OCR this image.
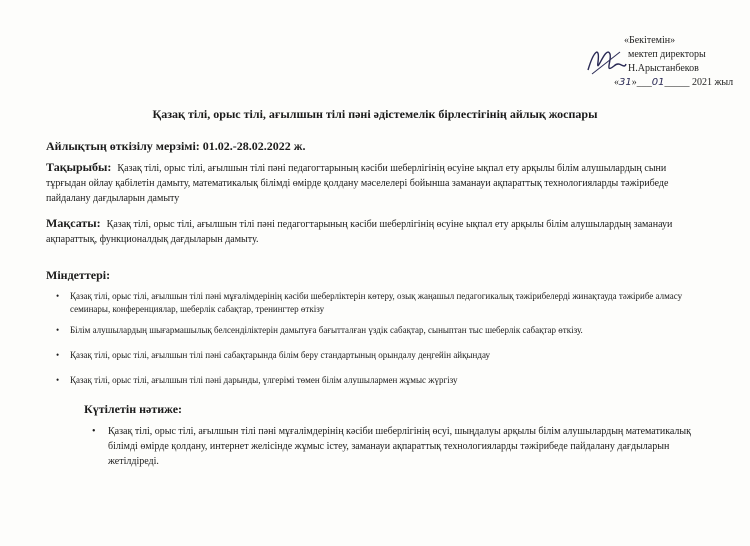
«Бекітемін»
мектеп директоры
Н.Арыстанбеков
«31»___01_____ 2021 жыл
Қазақ тілі, орыс тілі, ағылшын тілі пәні әдістемелік бірлестігінің айлық жоспары
Айлықтың өткізілу мерзімі: 01.02.-28.02.2022 ж.
Тақырыбы: Қазақ тілі, орыс тілі, ағылшын тілі пәні педагогтарының кәсіби шеберлігінің өсуіне ықпал ету арқылы білім алушылардың сыни тұрғыдан ойлау қабілетін дамыту, математикалық білімді өмірде қолдану мәселелері бойынша заманауи ақпараттық технологияларды тәжірибеде пайдалану дағдыларын дамыту
Мақсаты: Қазақ тілі, орыс тілі, ағылшын тілі пәні педагогтарының кәсіби шеберлігінің өсуіне ықпал ету арқылы білім алушылардың заманауи ақпараттық, функционалдық дағдыларын дамыту.
Міндеттері:
• Қазақ тілі, орыс тілі, ағылшын тілі пәні мұғалімдерінің кәсіби шеберліктерін көтеру, озық жаңашыл педагогикалық тәжірибелерді жинақтауда тәжірибе алмасу семинары, конференциялар, шеберлік сабақтар, тренингтер өткізу
• Білім алушылардың шығармашылық белсенділіктерін дамытуға бағытталған үздік сабақтар, сыныптан тыс шеберлік сабақтар өткізу.
• Қазақ тілі, орыс тілі, ағылшын тілі пәні сабақтарында білім беру стандартының орындалу деңгейін айқындау
• Қазақ тілі, орыс тілі, ағылшын тілі пәні дарынды, үлгерімі төмен білім алушылармен жұмыс жүргізу
Күтілетін нәтиже:
• Қазақ тілі, орыс тілі, ағылшын тілі пәні мұғалімдерінің кәсіби шеберлігінің өсуі, шыңдалуы арқылы білім алушылардың математикалық білімді өмірде қолдану, интернет желісінде жұмыс істеу, заманауи ақпараттық технологияларды тәжірибеде пайдалану дағдыларын жетілдіреді.
